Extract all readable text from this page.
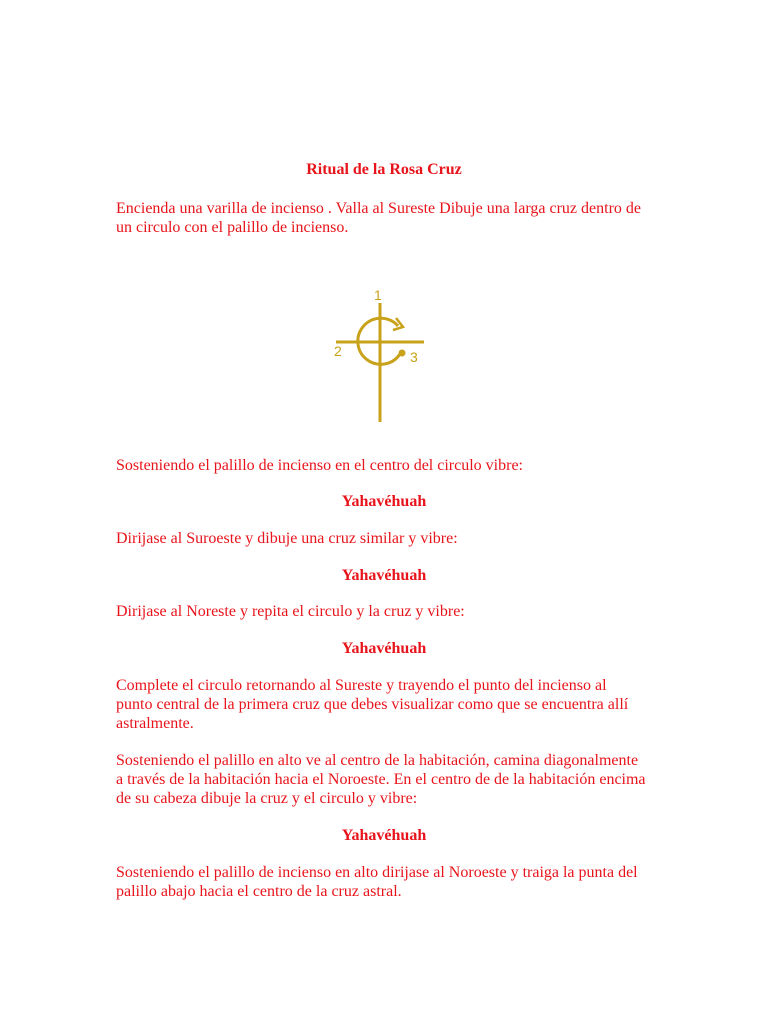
Ritual de la Rosa Cruz

Encienda una varilla de incienso . Valla al Sureste Dibuje una larga cruz dentro de un circulo con el palillo de incienso.

1
2	3

Sosteniendo el palillo de incienso en el centro del circulo vibre:

Yahavéhuah

Dirijase al Suroeste y dibuje una cruz similar y vibre:

Yahavéhuah

Dirijase al Noreste y repita el circulo y la cruz y vibre:

Yahavéhuah

Complete el circulo retornando al Sureste y trayendo el punto del incienso al punto central de la primera cruz que debes visualizar como que se encuentra allí astralmente.

Sosteniendo el palillo en alto ve al centro de la habitación, camina diagonalmente a través de la habitación hacia el Noroeste. En el centro de de la habitación encima de su cabeza dibuje la cruz y el circulo y vibre:

Yahavéhuah

Sosteniendo el palillo de incienso en alto dirijase al Noroeste y traiga la punta del palillo abajo hacia el centro de la cruz astral.
